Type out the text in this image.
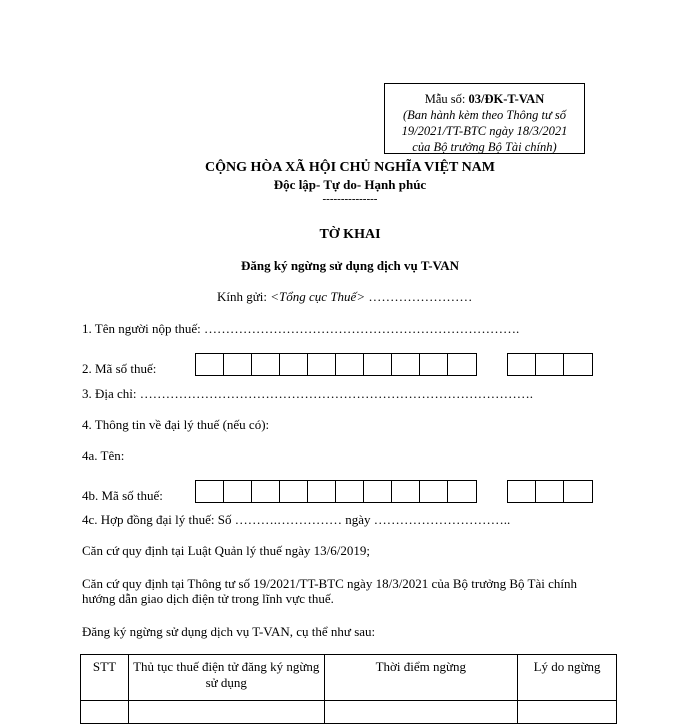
Mẫu số: 03/ĐK-T-VAN
(Ban hành kèm theo Thông tư số
19/2021/TT-BTC ngày 18/3/2021
của Bộ trưởng Bộ Tài chính)
CỘNG HÒA XÃ HỘI CHỦ NGHĨA VIỆT NAM
Độc lập- Tự do- Hạnh phúc
---------------
TỜ KHAI
Đăng ký ngừng sử dụng dịch vụ T-VAN
Kính gửi: <Tổng cục Thuế> ……………………
1. Tên người nộp thuế: ……………………………………………………………….
2. Mã số thuế:
3. Địa chỉ: ……………………………………………………………………………….
4. Thông tin về đại lý thuế (nếu có):
4a. Tên:
4b. Mã số thuế:
4c. Hợp đồng đại lý thuế: Số ……….…………… ngày …………………………..
Căn cứ quy định tại Luật Quản lý thuế ngày 13/6/2019;
Căn cứ quy định tại Thông tư số 19/2021/TT-BTC ngày 18/3/2021 của Bộ trưởng Bộ Tài chính
hướng dẫn giao dịch điện tử trong lĩnh vực thuế.
Đăng ký ngừng sử dụng dịch vụ T-VAN, cụ thể như sau:
STT	Thủ tục thuế điện tử đăng ký ngừng sử dụng	Thời điểm ngừng	Lý do ngừng
